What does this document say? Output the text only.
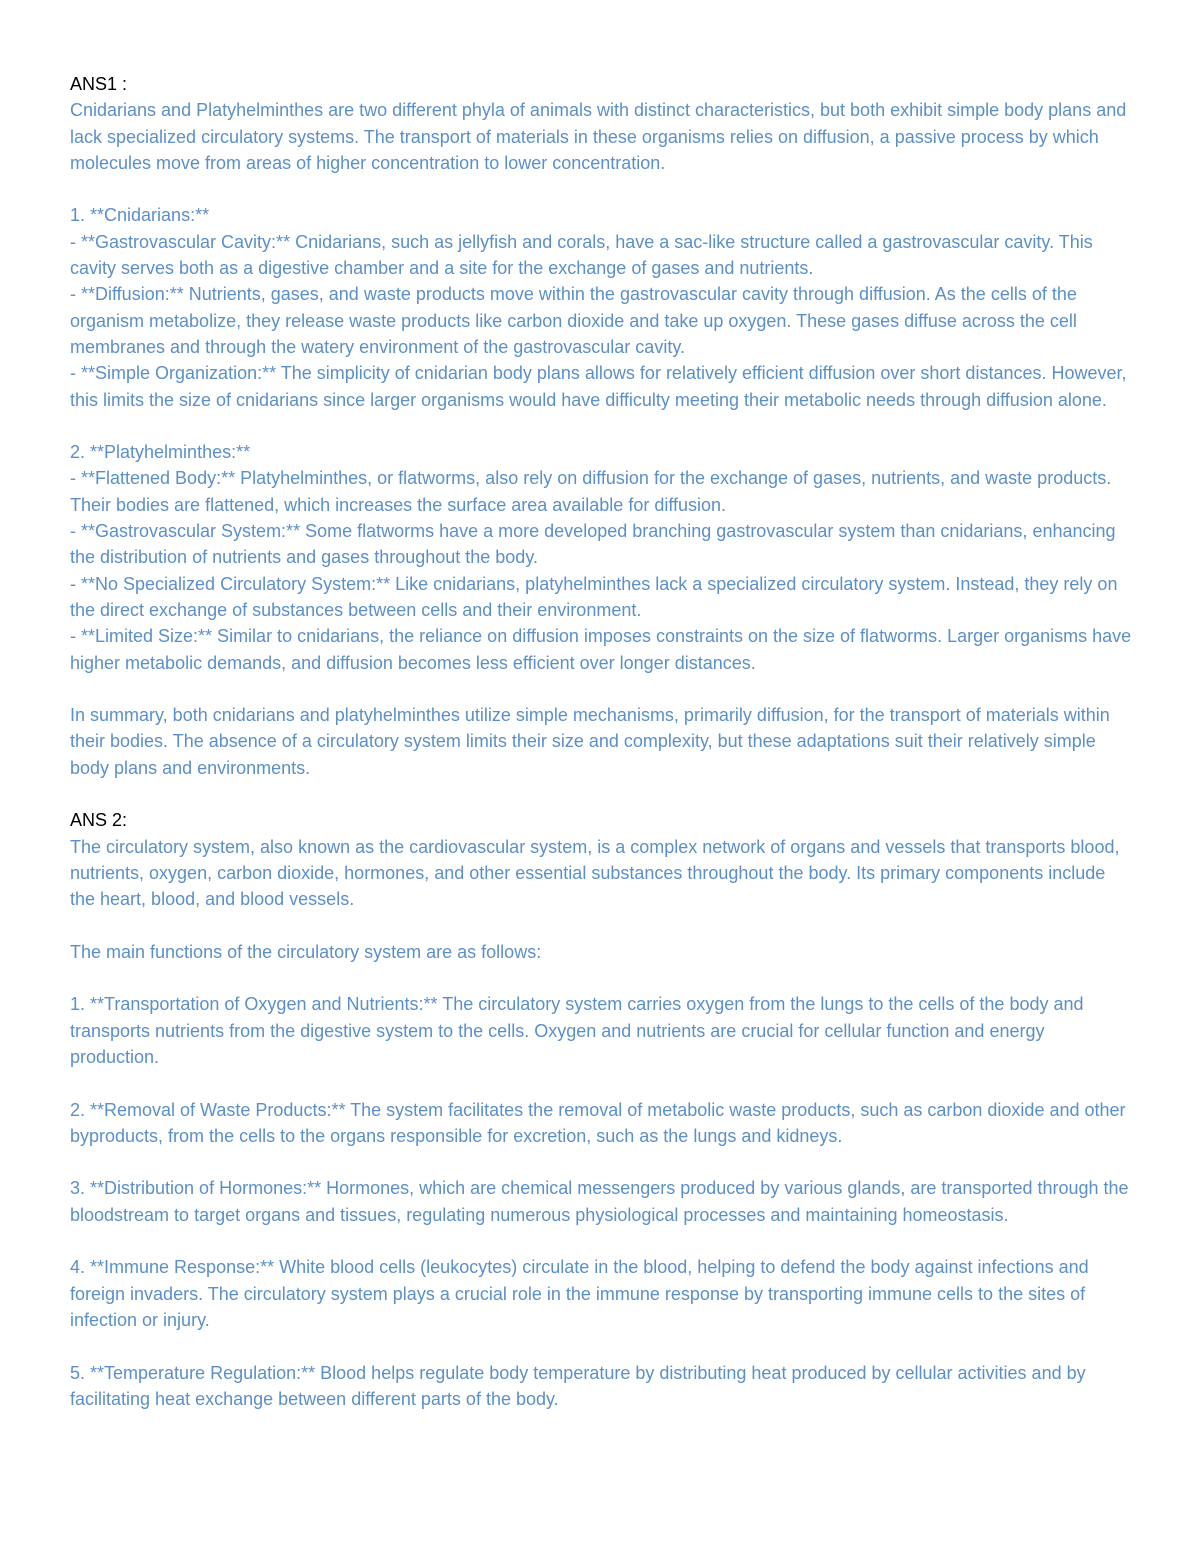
ANS1 :

Cnidarians and Platyhelminthes are two different phyla of animals with distinct characteristics, but both exhibit simple body plans and lack specialized circulatory systems. The transport of materials in these organisms relies on diffusion, a passive process by which molecules move from areas of higher concentration to lower concentration.

1. **Cnidarians:**

- **Gastrovascular Cavity:** Cnidarians, such as jellyfish and corals, have a sac-like structure called a gastrovascular cavity. This cavity serves both as a digestive chamber and a site for the exchange of gases and nutrients.

- **Diffusion:** Nutrients, gases, and waste products move within the gastrovascular cavity through diffusion. As the cells of the organism metabolize, they release waste products like carbon dioxide and take up oxygen. These gases diffuse across the cell membranes and through the watery environment of the gastrovascular cavity.

- **Simple Organization:** The simplicity of cnidarian body plans allows for relatively efficient diffusion over short distances. However, this limits the size of cnidarians since larger organisms would have difficulty meeting their metabolic needs through diffusion alone.

2. **Platyhelminthes:**

- **Flattened Body:** Platyhelminthes, or flatworms, also rely on diffusion for the exchange of gases, nutrients, and waste products. Their bodies are flattened, which increases the surface area available for diffusion.

- **Gastrovascular System:** Some flatworms have a more developed branching gastrovascular system than cnidarians, enhancing the distribution of nutrients and gases throughout the body.

- **No Specialized Circulatory System:** Like cnidarians, platyhelminthes lack a specialized circulatory system. Instead, they rely on the direct exchange of substances between cells and their environment.

- **Limited Size:** Similar to cnidarians, the reliance on diffusion imposes constraints on the size of flatworms. Larger organisms have higher metabolic demands, and diffusion becomes less efficient over longer distances.

In summary, both cnidarians and platyhelminthes utilize simple mechanisms, primarily diffusion, for the transport of materials within their bodies. The absence of a circulatory system limits their size and complexity, but these adaptations suit their relatively simple body plans and environments.

ANS 2:

The circulatory system, also known as the cardiovascular system, is a complex network of organs and vessels that transports blood, nutrients, oxygen, carbon dioxide, hormones, and other essential substances throughout the body. Its primary components include the heart, blood, and blood vessels.

The main functions of the circulatory system are as follows:

1. **Transportation of Oxygen and Nutrients:** The circulatory system carries oxygen from the lungs to the cells of the body and transports nutrients from the digestive system to the cells. Oxygen and nutrients are crucial for cellular function and energy production.

2. **Removal of Waste Products:** The system facilitates the removal of metabolic waste products, such as carbon dioxide and other byproducts, from the cells to the organs responsible for excretion, such as the lungs and kidneys.

3. **Distribution of Hormones:** Hormones, which are chemical messengers produced by various glands, are transported through the bloodstream to target organs and tissues, regulating numerous physiological processes and maintaining homeostasis.

4. **Immune Response:** White blood cells (leukocytes) circulate in the blood, helping to defend the body against infections and foreign invaders. The circulatory system plays a crucial role in the immune response by transporting immune cells to the sites of infection or injury.

5. **Temperature Regulation:** Blood helps regulate body temperature by distributing heat produced by cellular activities and by facilitating heat exchange between different parts of the body.
